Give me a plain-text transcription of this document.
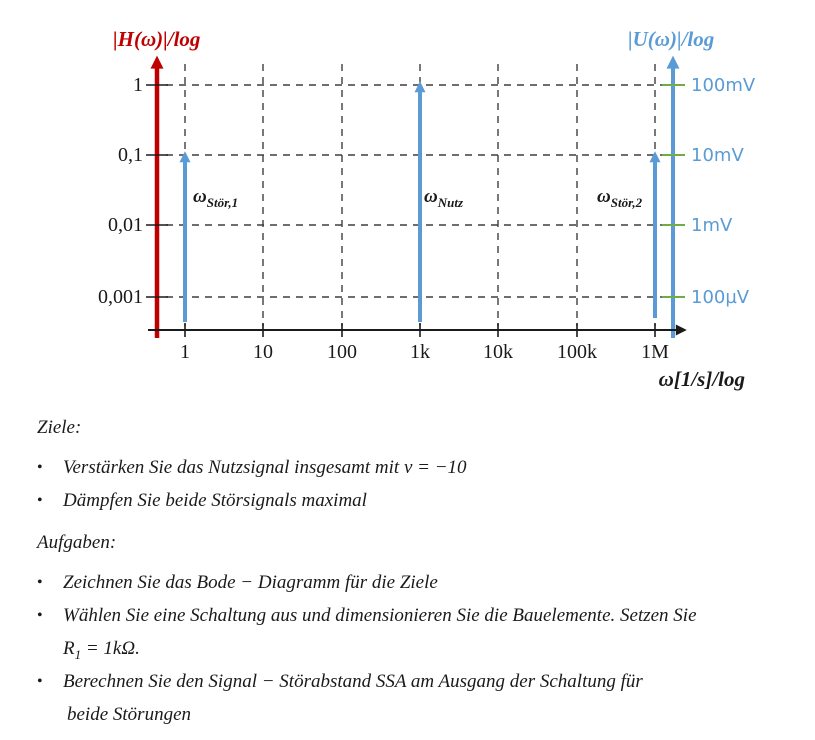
|H(ω)|/log	|U(ω)|/log
ω[1/s]/log
1
0,1
0,01
0,001
100mV
10mV
1mV
100µV
1	10	100	1k	10k 100k 1M
$\omega_{Stör,1}$	$\omega_{Nutz}$	$\omega_{Stör,2}$
Ziele:
•	Verstärken Sie das Nutzsignal insgesamt mit v = −10
•	Dämpfen Sie beide Störsignals maximal
Aufgaben:
•	Zeichnen Sie das Bode − Diagramm für die Ziele
•	Wählen Sie eine Schaltung aus und dimensionieren Sie die Bauelemente. Setzen Sie
$R_1 = 1k\Omega$.
•	Berechnen Sie den Signal − Störabstand SSA am Ausgang der Schaltung für
beide Störungen
